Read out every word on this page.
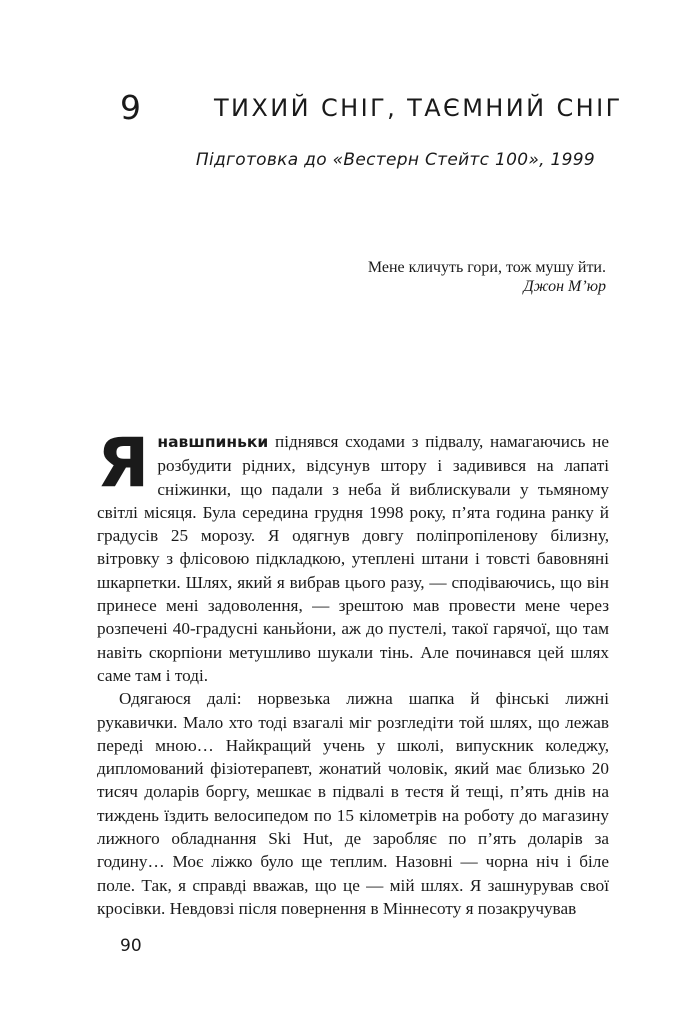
9	ТИХИЙ СНІГ, ТАЄМНИЙ СНІГ
Підготовка до «Вестерн Стейтс 100», 1999
Мене кличуть гори, тож мушу йти.
Джон М’юр

Янавшпиньки піднявся сходами з підвалу, намагаючись не розбудити рідних, відсунув штору і задивився на лапаті сніжинки, що падали з неба й виблискували у тьмяному світлі місяця. Була середина грудня 1998 року, п’ята година ранку й градусів 25 морозу. Я одягнув довгу поліпропіленову білизну, вітровку з флісовою підкладкою, утеплені штани і товсті бавовняні шкарпетки. Шлях, який я вибрав цього разу, — сподіваючись, що він принесе мені задоволення, — зрештою мав провести мене через розпечені 40-градусні каньйони, аж до пустелі, такої гарячої, що там навіть скорпіони метушливо шукали тінь. Але починався цей шлях саме там і тоді.

Одягаюся далі: норвезька лижна шапка й фінські лижні рукавички. Мало хто тоді взагалі міг розгледіти той шлях, що лежав переді мною… Найкращий учень у школі, випускник коледжу, дипломований фізіотерапевт, жонатий чоловік, який має близько 20 тисяч доларів боргу, мешкає в підвалі в тестя й тещі, п’ять днів на тиждень їздить велосипедом по 15 кілометрів на роботу до магазину лижного обладнання Ski Hut, де заробляє по п’ять доларів за годину… Моє ліжко було ще теплим. Назовні — чорна ніч і біле поле. Так, я справді вважав, що це — мій шлях. Я зашнурував свої кросівки. Невдовзі після повернення в Міннесоту я позакручував

90
